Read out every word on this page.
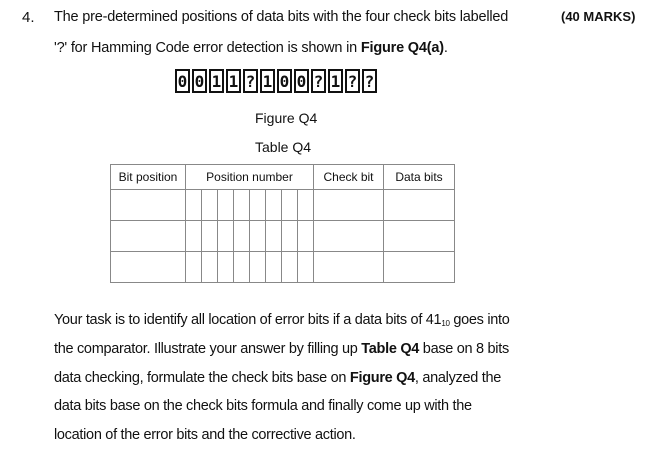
4.	(40 MARKS)
The pre-determined positions of data bits with the four check bits labelled
'?' for Hamming Code error detection is shown in Figure Q4(a).
0 0 1 1 ? 1 0 0 ? 1 ? ?
Figure Q4
Table Q4
Bit position	Position number								Check bit	Data bits

Your task is to identify all location of error bits if a data bits of 4110 goes into
the comparator. Illustrate your answer by filling up Table Q4 base on 8 bits
data checking, formulate the check bits base on Figure Q4, analyzed the
data bits base on the check bits formula and finally come up with the
location of the error bits and the corrective action.
